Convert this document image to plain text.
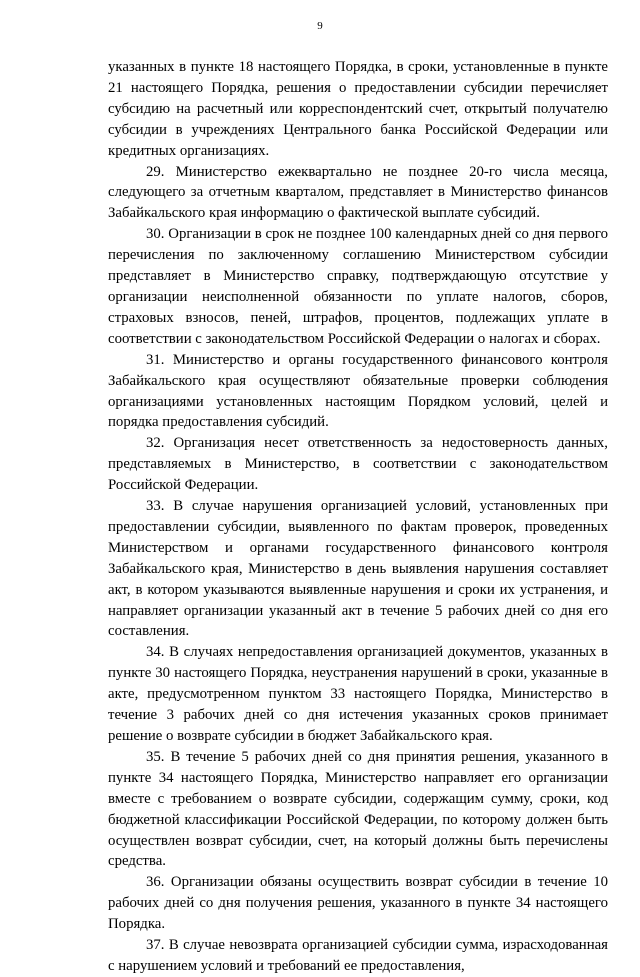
9

указанных в пункте 18 настоящего Порядка, в сроки, установленные в пункте 21 настоящего Порядка, решения о предоставлении субсидии перечисляет субсидию на расчетный или корреспондентский счет, открытый получателю субсидии в учреждениях Центрального банка Российской Федерации или кредитных организациях.

29. Министерство ежеквартально не позднее 20-го числа месяца, следующего за отчетным кварталом, представляет в Министерство финансов Забайкальского края информацию о фактической выплате субсидий.

30. Организации в срок не позднее 100 календарных дней со дня первого перечисления по заключенному соглашению Министерством субсидии представляет в Министерство справку, подтверждающую отсутствие у организации неисполненной обязанности по уплате налогов, сборов, страховых взносов, пеней, штрафов, процентов, подлежащих уплате в соответствии с законодательством Российской Федерации о налогах и сборах.

31. Министерство и органы государственного финансового контроля Забайкальского края осуществляют обязательные проверки соблюдения организациями установленных настоящим Порядком условий, целей и порядка предоставления субсидий.

32. Организация несет ответственность за недостоверность данных, представляемых в Министерство, в соответствии с законодательством Российской Федерации.

33. В случае нарушения организацией условий, установленных при предоставлении субсидии, выявленного по фактам проверок, проведенных Министерством и органами государственного финансового контроля Забайкальского края, Министерство в день выявления нарушения составляет акт, в котором указываются выявленные нарушения и сроки их устранения, и направляет организации указанный акт в течение 5 рабочих дней со дня его составления.

34. В случаях непредоставления организацией документов, указанных в пункте 30 настоящего Порядка, неустранения нарушений в сроки, указанные в акте, предусмотренном пунктом 33 настоящего Порядка, Министерство в течение 3 рабочих дней со дня истечения указанных сроков принимает решение о возврате субсидии в бюджет Забайкальского края.

35. В течение 5 рабочих дней со дня принятия решения, указанного в пункте 34 настоящего Порядка, Министерство направляет его организации вместе с требованием о возврате субсидии, содержащим сумму, сроки, код бюджетной классификации Российской Федерации, по которому должен быть осуществлен возврат субсидии, счет, на который должны быть перечислены средства.

36. Организации обязаны осуществить возврат субсидии в течение 10 рабочих дней со дня получения решения, указанного в пункте 34 настоящего Порядка.

37. В случае невозврата организацией субсидии сумма, израсходованная с нарушением условий и требований ее предоставления,
